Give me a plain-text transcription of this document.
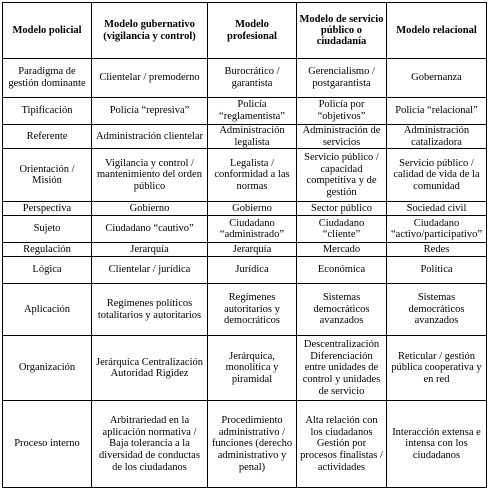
Modelo policial	Modelo gubernativo (vigilancia y control)	Modelo profesional	Modelo de servicio público o ciudadanía	Modelo relacional
Paradigma de gestión dominante	Clientelar / premoderno	Burocrático / garantista	Gerencialismo / postgarantista	Gobernanza
Tipificación	Policía “represiva”	Policía “reglamentista”	Policía por “objetivos”	Policía “relacional”
Referente	Administración clientelar	Administración legalista	Administración de servicios	Administración catalizadora
Orientación / Misión	Vigilancia y control / mantenimiento del orden público	Legalista / conformidad a las normas	Servicio público / capacidad competitiva y de gestión	Servicio público / calidad de vida de la comunidad
Perspectiva	Gobierno	Gobierno	Sector público	Sociedad civil
Sujeto	Ciudadano “cautivo”	Ciudadano “administrado”	Ciudadano “cliente”	Ciudadano “activo/participativo”
Regulación	Jerarquía	Jerarquía	Mercado	Redes
Lógica	Clientelar / jurídica	Jurídica	Económica	Política
Aplicación	Regímenes políticos totalitarios y autoritarios	Regímenes autoritarios y democráticos	Sistemas democráticos avanzados	Sistemas democráticos avanzados
Organización	Jerárquica Centralización Autoridad Rigidez	Jerárquica, monolítica y piramidal	Descentralización Diferenciación entre unidades de control y unidades de servicio	Reticular / gestión pública cooperativa y en red
Proceso interno	Arbitrariedad en la aplicación normativa / Baja tolerancia a la diversidad de conductas de los ciudadanos	Procedimiento administrativo / funciones (derecho administrativo y penal)	Alta relación con los ciudadanos Gestión por procesos finalistas / actividades	Interacción extensa e intensa con los ciudadanos
